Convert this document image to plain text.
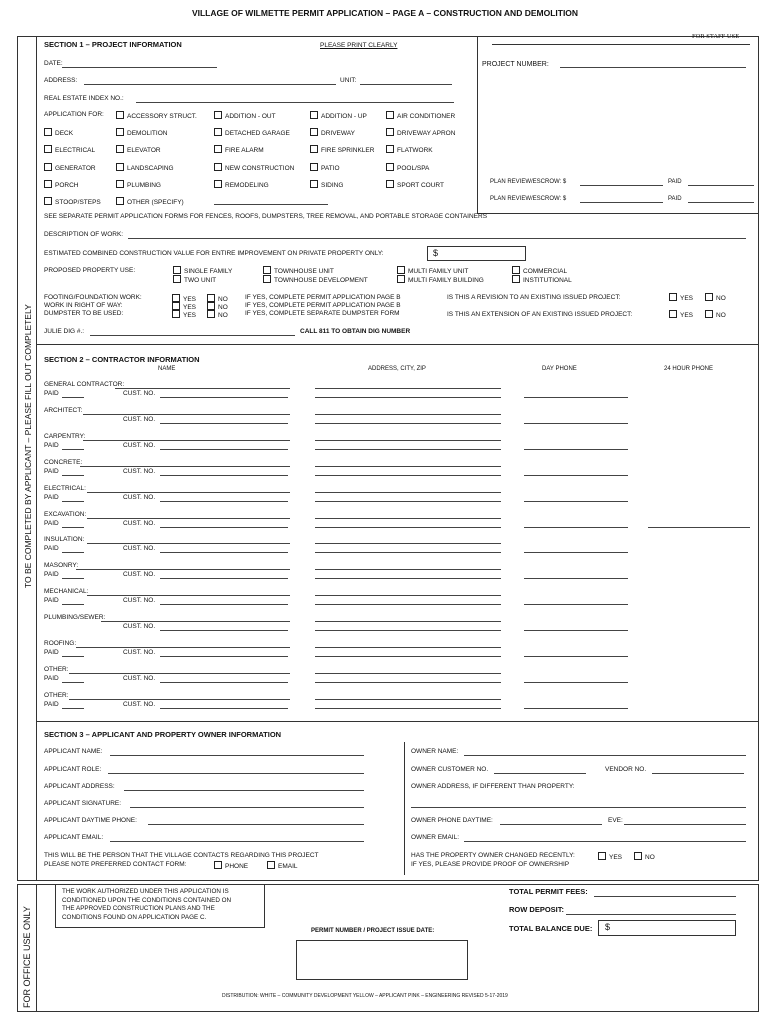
VILLAGE OF WILMETTE PERMIT APPLICATION – PAGE A – CONSTRUCTION AND DEMOLITION
TO BE COMPLETED BY APPLICANT – PLEASE FILL OUT COMPLETELY
FOR OFFICE USE ONLY
SECTION 1 – PROJECT INFORMATION	PLEASE PRINT CLEARLY
FOR STAFF USE
PROJECT NUMBER:
PLAN REVIEW/ESCROW: $	PAID
PLAN REVIEW/ESCROW: $	PAID
DATE:
ADDRESS:	UNIT:
REAL ESTATE INDEX NO.:
APPLICATION FOR:
SEE SEPARATE PERMIT APPLICATION FORMS FOR FENCES, ROOFS, DUMPSTERS, TREE REMOVAL, AND PORTABLE STORAGE CONTAINERS
DESCRIPTION OF WORK:
ESTIMATED COMBINED CONSTRUCTION VALUE FOR ENTIRE IMPROVEMENT ON PRIVATE PROPERTY ONLY:	$
PROPOSED PROPERTY USE:
FOOTING/FOUNDATION WORK:
WORK IN RIGHT OF WAY:
DUMPSTER TO BE USED:
IF YES, COMPLETE PERMIT APPLICATION PAGE B
IF YES, COMPLETE PERMIT APPLICATION PAGE B
IF YES, COMPLETE SEPARATE DUMPSTER FORM
IS THIS A REVISION TO AN EXISTING ISSUED PROJECT:
IS THIS AN EXTENSION OF AN EXISTING ISSUED PROJECT:
JULIE DIG #.:	CALL 811 TO OBTAIN DIG NUMBER
SECTION 2 – CONTRACTOR INFORMATION
NAME	ADDRESS, CITY, ZIP	DAY PHONE	24 HOUR PHONE
SECTION 3 – APPLICANT AND PROPERTY OWNER INFORMATION
APPLICANT NAME:
APPLICANT ROLE:
APPLICANT ADDRESS:
APPLICANT SIGNATURE:
APPLICANT DAYTIME PHONE:
APPLICANT EMAIL:
THIS WILL BE THE PERSON THAT THE VILLAGE CONTACTS REGARDING THIS PROJECT
PLEASE NOTE PREFERRED CONTACT FORM:	PHONE	EMAIL
OWNER NAME:
OWNER CUSTOMER NO.	VENDOR NO.
OWNER ADDRESS, IF DIFFERENT THAN PROPERTY:
OWNER PHONE DAYTIME:	EVE:
OWNER EMAIL:
HAS THE PROPERTY OWNER CHANGED RECENTLY:	YES	NO
IF YES, PLEASE PROVIDE PROOF OF OWNERSHIP
PERMIT NUMBER / PROJECT ISSUE DATE:
TOTAL PERMIT FEES:
ROW DEPOSIT:
TOTAL BALANCE DUE: $
DISTRIBUTION: WHITE – COMMUNITY DEVELOPMENT YELLOW – APPLICANT PINK – ENGINEERING REVISED 5-17-2019
ACCESSORY STRUCT.	ADDITION - OUT	ADDITION - UP	AIR CONDITIONER
DECK	DEMOLITION	DETACHED GARAGE	DRIVEWAY	DRIVEWAY APRON
ELECTRICAL	ELEVATOR	FIRE ALARM	FIRE SPRINKLER	FLATWORK
GENERATOR	LANDSCAPING	NEW CONSTRUCTION	PATIO	POOL/SPA
PORCH	PLUMBING	REMODELING	SIDING	SPORT COURT
STOOP/STEPS	OTHER (SPECIFY)
SINGLE FAMILY
TWO UNIT
TOWNHOUSE UNIT
TOWNHOUSE DEVELOPMENT
MULTI FAMILY UNIT
MULTI FAMILY BUILDING
COMMERCIAL
INSTITUTIONAL
YES	NO
YES	NO
YES	NO
YES	NO
YES	NO
GENERAL CONTRACTOR:
PAID	CUST. NO.
ARCHITECT:
CUST. NO.
CARPENTRY:
PAID	CUST. NO.
CONCRETE:
PAID	CUST. NO.
ELECTRICAL:
PAID	CUST. NO.
EXCAVATION:
PAID	CUST. NO.
INSULATION:
PAID	CUST. NO.
MASONRY:
PAID	CUST. NO.
MECHANICAL:
PAID	CUST. NO.
PLUMBING/SEWER:
CUST. NO.
ROOFING:
PAID	CUST. NO.
OTHER:
PAID	CUST. NO.
OTHER:
PAID	CUST. NO.
THE WORK AUTHORIZED UNDER THIS APPLICATION IS
CONDITIONED UPON THE CONDITIONS CONTAINED ON
THE APPROVED CONSTRUCTION PLANS AND THE
CONDITIONS FOUND ON APPLICATION PAGE C.
